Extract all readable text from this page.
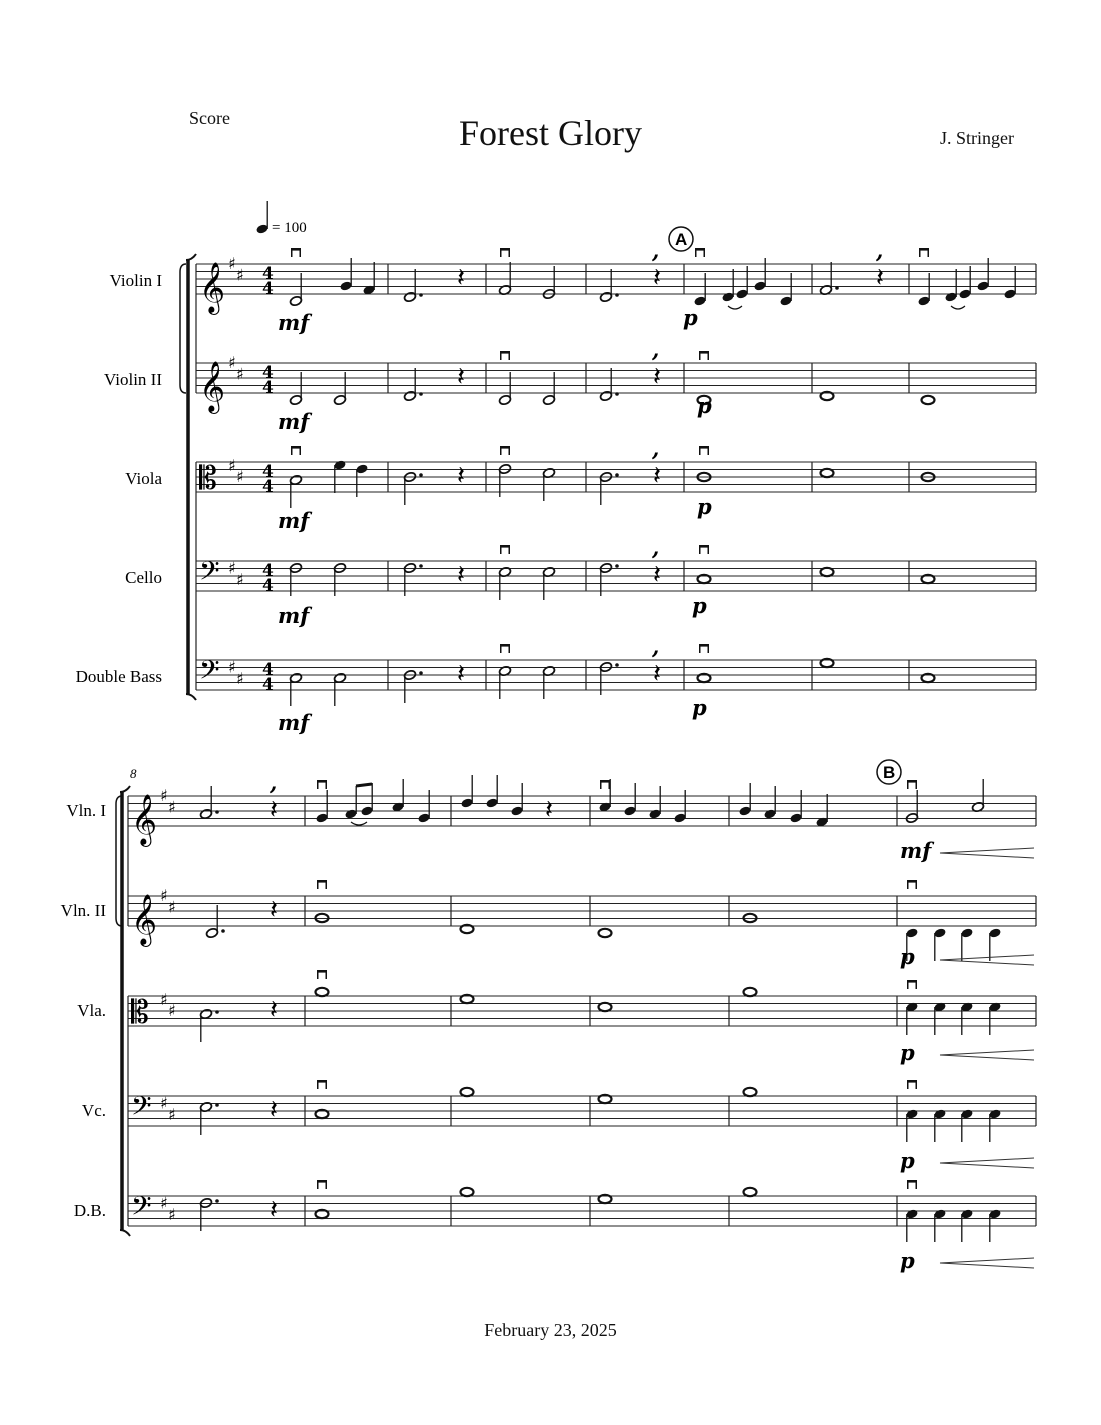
Score	Forest Glory	J. Stringer
𝄞 ♯
♯ 4
4
𝄞 ♯
♯ 4
4
𝄡 ♯
♯ 4
4
𝄢 ♯
♯ 4
4
𝄢 ♯
♯ 4
4
Violin I
Violin II
Viola
Cello
Double Bass
𝄽	𝄽
, A
𝄽
,
mf	p
𝄽	𝄽
,
mf
p
𝄽	𝄽
,
mf
p
𝄽	𝄽
,
mf	p
𝄽	𝄽
,
mf
p
𝄞 ♯
♯
𝄞 ♯
♯
𝄡 ♯
♯
𝄢 ♯
♯
𝄢 ♯
♯
Vln. I
Vln. II
Vla.
Vc.
D.B.
𝄽
,
𝄽
B
mf
𝄽
p
𝄽
p
𝄽
p
𝄽
p
= 100
8
February 23, 2025
